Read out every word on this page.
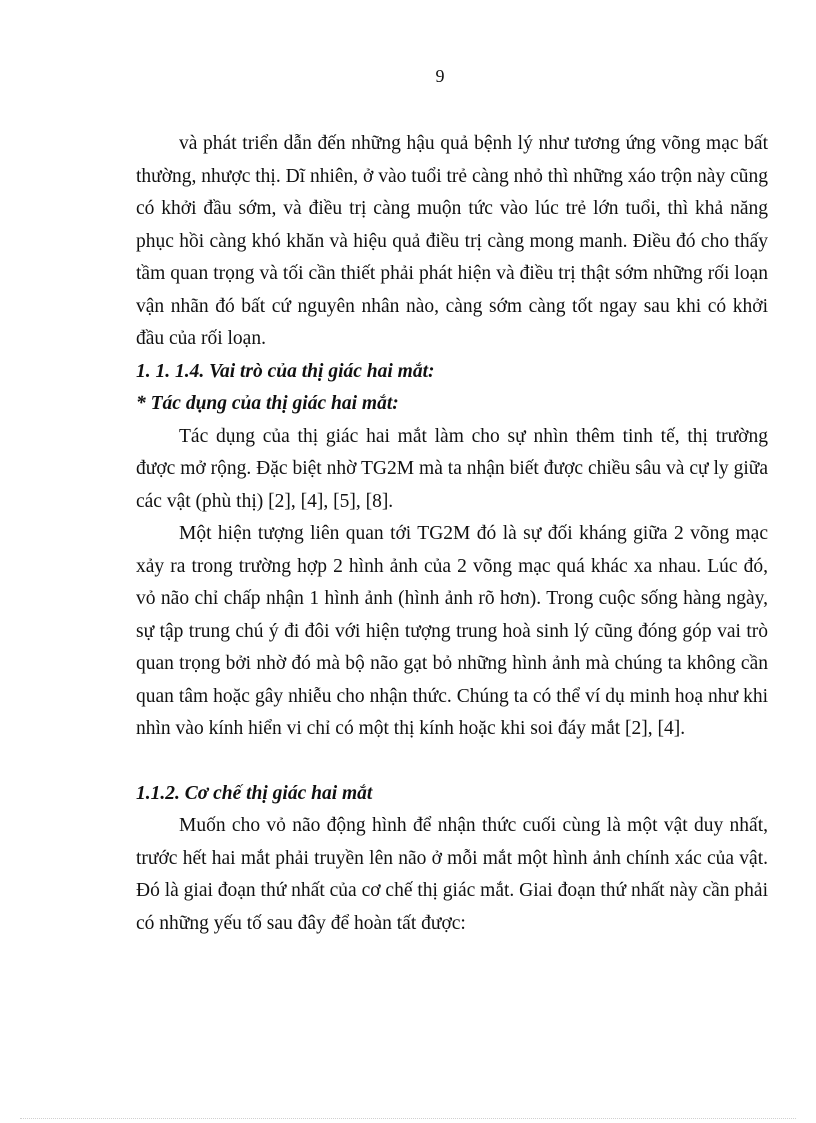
9

và phát triển dẫn đến những hậu quả bệnh lý như tương ứng võng mạc bất thường, nhược thị. Dĩ nhiên, ở vào tuổi trẻ càng nhỏ thì những xáo trộn này cũng có khởi đầu sớm, và điều trị càng muộn tức vào lúc trẻ lớn tuổi, thì khả năng phục hồi càng khó khăn và hiệu quả điều trị càng mong manh. Điều đó cho thấy tầm quan trọng và tối cần thiết phải phát hiện và điều trị thật sớm những rối loạn vận nhãn đó bất cứ nguyên nhân nào, càng sớm càng tốt ngay sau khi có khởi đầu của rối loạn.

1. 1. 1.4. Vai trò của thị giác hai mắt:

* Tác dụng của thị giác hai mắt:

Tác dụng của thị giác hai mắt làm cho sự nhìn thêm tinh tế, thị trường được mở rộng. Đặc biệt nhờ TG2M mà ta nhận biết được chiều sâu và cự ly giữa các vật (phù thị) [2], [4], [5], [8].

Một hiện tượng liên quan tới TG2M đó là sự đối kháng giữa 2 võng mạc xảy ra trong trường hợp 2 hình ảnh của 2 võng mạc quá khác xa nhau. Lúc đó, vỏ não chỉ chấp nhận 1 hình ảnh (hình ảnh rõ hơn). Trong cuộc sống hàng ngày, sự tập trung chú ý đi đôi với hiện tượng trung hoà sinh lý cũng đóng góp vai trò quan trọng bởi nhờ đó mà bộ não gạt bỏ những hình ảnh mà chúng ta không cần quan tâm hoặc gây nhiễu cho nhận thức. Chúng ta có thể ví dụ minh hoạ như khi nhìn vào kính hiển vi chỉ có một thị kính hoặc khi soi đáy mắt [2], [4].

1.1.2. Cơ chế thị giác hai mắt

Muốn cho vỏ não động hình để nhận thức cuối cùng là một vật duy nhất, trước hết hai mắt phải truyền lên não ở mỗi mắt một hình ảnh chính xác của vật. Đó là giai đoạn thứ nhất của cơ chế thị giác mắt. Giai đoạn thứ nhất này cần phải có những yếu tố sau đây để hoàn tất được:
